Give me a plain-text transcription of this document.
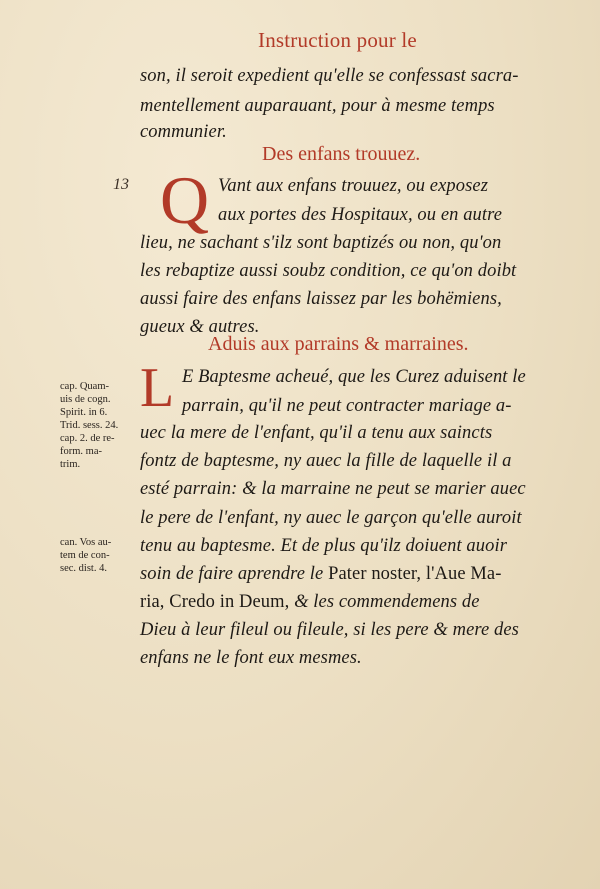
Instruction pour le
son, il seroit expedient qu'elle se confessast sacra-
mentellement auparauant, pour à mesme temps
communier.
Des enfans trouuez.
13 Q Vant aux enfans trouuez, ou exposez
aux portes des Hospitaux, ou en autre
lieu, ne sachant s'ilz sont baptizés ou non, qu'on
les rebaptize aussi soubz condition, ce qu'on doibt
aussi faire des enfans laissez par les bohëmiens,
gueux & autres.
Aduis aux parrains & marraines.
L E Baptesme acheué, que les Curez aduisent le
parrain, qu'il ne peut contracter mariage a-
uec la mere de l'enfant, qu'il a tenu aux saincts
fontz de baptesme, ny auec la fille de laquelle il a
esté parrain: & la marraine ne peut se marier auec
le pere de l'enfant, ny auec le garçon qu'elle auroit
tenu au baptesme. Et de plus qu'ilz doiuent auoir
soin de faire aprendre le Pater noster, l'Aue Ma-
ria, Credo in Deum, & les commendemens de
Dieu à leur fileul ou fileule, si les pere & mere des
enfans ne le font eux mesmes.
cap. Quam-
uis de cogn.
Spirit. in 6.
Trid. sess. 24.
cap. 2. de re-
form. ma-
trim.
can. Vos au-
tem de con-
sec. dist. 4.
